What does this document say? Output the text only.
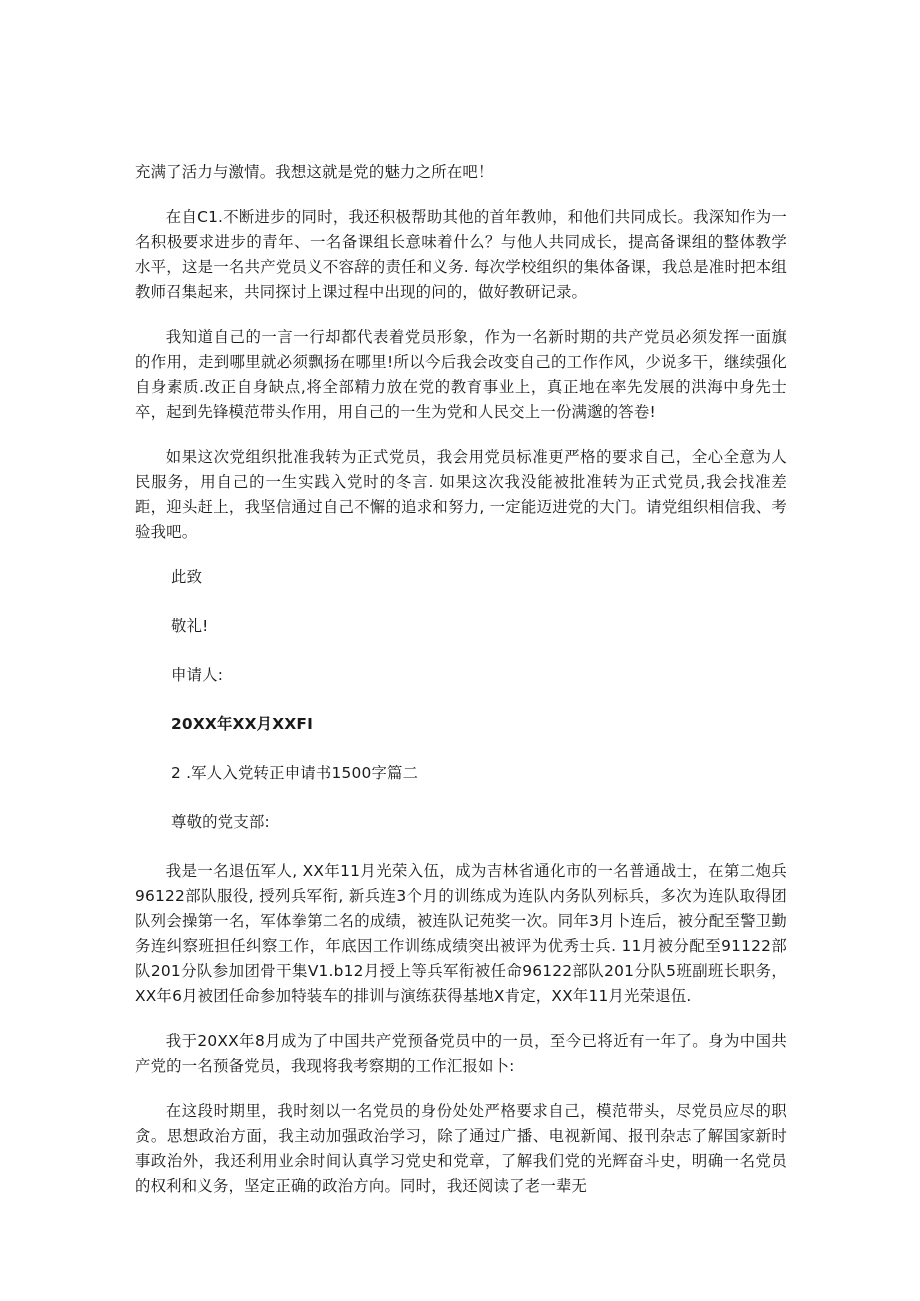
充满了活力与激情。我想这就是党的魅力之所在吧！

在自C1.不断进步的同时，我还积极帮助其他的首年教帅，和他们共同成长。我深知作为一名积极要求进步的青年、一名备课组长意味着什么？与他人共同成长，提高备课组的整体教学水平，这是一名共产党员义不容辞的责任和义务. 每次学校组织的集体备课，我总是准时把本组教师召集起来，共同探讨上课过程中出现的问的，做好教研记录。

我知道自己的一言一行却都代表着党员形象，作为一名新时期的共产党员必须发挥一面旗的作用，走到哪里就必须飘扬在哪里!所以今后我会改变自己的工作作风，少说多干，继续强化自身素质.改正自身缺点,将全部精力放在党的教育事业上，真正地在率先发展的洪海中身先士卒，起到先锋模范带头作用，用自己的一生为党和人民交上一份满邈的答卷!

如果这次党组织批准我转为正式党员，我会用党员标准更严格的要求自己，全心全意为人民服务，用自己的一生实践入党时的冬言. 如果这次我没能被批准转为正式党员,我会找准差距，迎头赶上，我坚信通过自己不懈的追求和努力, 一定能迈进党的大门。请党组织相信我、考验我吧。

此致
敬礼!
申请人:
20XX年XX月XXFI
2 .军人入党转正申请书1500字篇二
尊敬的党支部:

我是一名退伍军人, XX年11月光荣入伍，成为吉林省通化市的一名普通战士，在第二炮兵96122部队服役, 授列兵军衔, 新兵连3个月的训练成为连队内务队列标兵，多次为连队取得团队列会操第一名，军体拳第二名的成绩，被连队记苑奖一次。同年3月卜连后，被分配至警卫勤务连纠察班担任纠察工作，年底因工作训练成绩突出被评为优秀士兵. 11月被分配至91122部队201分队参加团骨干集V1.b12月授上等兵军衔被任命96122部队201分队5班副班长职务，XX年6月被团任命参加特装车的排训与演练获得基地X肯定，XX年11月光荣退伍.

我于20XX年8月成为了中国共产党预备党员中的一员，至今已将近有一年了。身为中国共产党的一名预备党员，我现将我考察期的工作汇报如卜:

在这段时期里，我时刻以一名党员的身份处处严格要求自己，模范带头，尽党员应尽的职贪。思想政治方面，我主动加强政治学习，除了通过广播、电视新闻、报刊杂志了解国家新时事政治外，我还利用业余时间认真学习党史和党章，了解我们党的光辉奋斗史，明确一名党员的权利和义务，坚定正确的政治方向。同时，我还阅读了老一辈无
